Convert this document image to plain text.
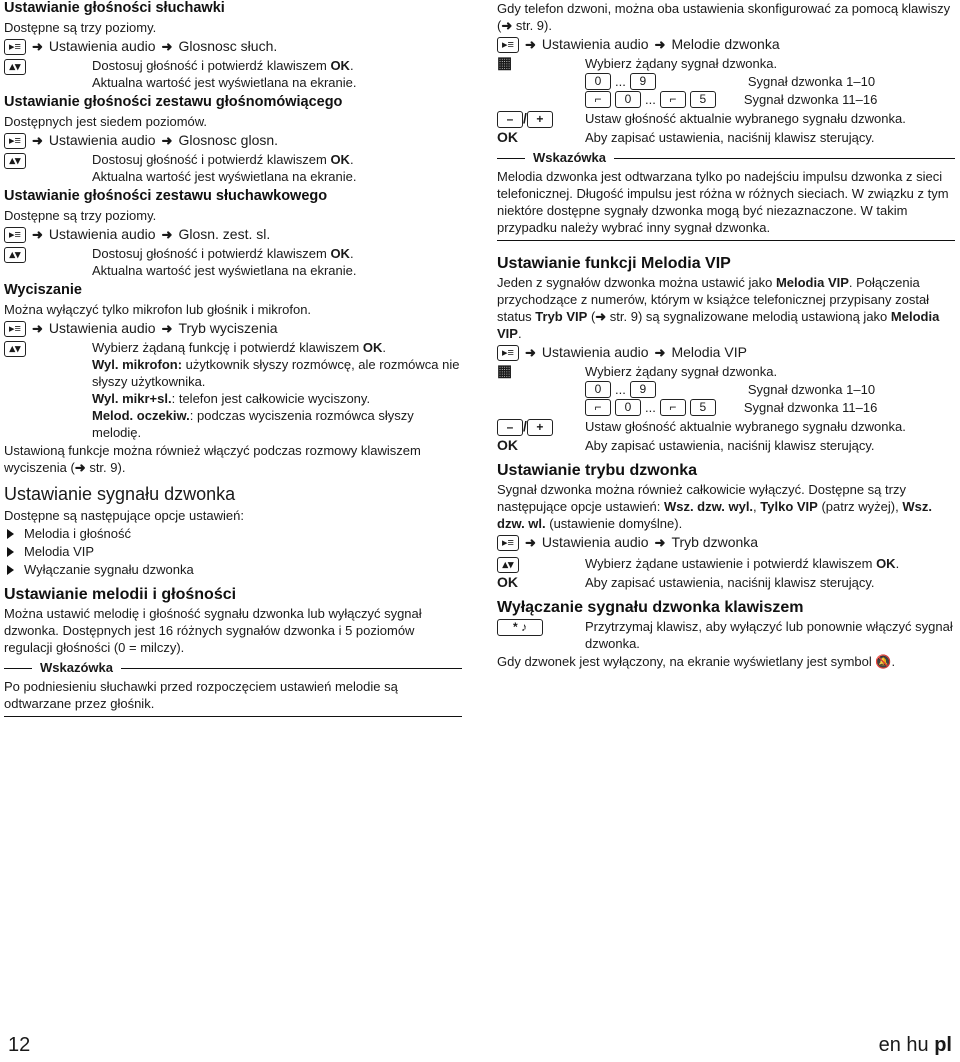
Ustawianie głośności słuchawki
Dostępne są trzy poziomy.
▸≡ ➜ Ustawienia audio ➜ Glosnosc słuch.
▴▾	Dostosuj głośność i potwierdź klawiszem OK.
Aktualna wartość jest wyświetlana na ekranie.
Ustawianie głośności zestawu głośnomówiącego
Dostępnych jest siedem poziomów.
▸≡ ➜ Ustawienia audio ➜ Glosnosc glosn.
▴▾	Dostosuj głośność i potwierdź klawiszem OK.
Aktualna wartość jest wyświetlana na ekranie.
Ustawianie głośności zestawu słuchawkowego
Dostępne są trzy poziomy.
▸≡ ➜ Ustawienia audio ➜ Glosn. zest. sl.
▴▾	Dostosuj głośność i potwierdź klawiszem OK.
Aktualna wartość jest wyświetlana na ekranie.
Wyciszanie
Można wyłączyć tylko mikrofon lub głośnik i mikrofon.
▸≡ ➜ Ustawienia audio ➜ Tryb wyciszenia
▴▾	Wybierz żądaną funkcję i potwierdź klawiszem OK.
Wyl. mikrofon: użytkownik słyszy rozmówcę, ale rozmówca nie słyszy użytkownika.
Wyl. mikr+sl.: telefon jest całkowicie wyciszony.
Melod. oczekiw.: podczas wyciszenia rozmówca słyszy melodię.
Ustawioną funkcje można również włączyć podczas rozmowy klawiszem wyciszenia (➜ str. 9).
Ustawianie sygnału dzwonka
Dostępne są następujące opcje ustawień:
Melodia i głośność
Melodia VIP
Wyłączanie sygnału dzwonka
Ustawianie melodii i głośności
Można ustawić melodię i głośność sygnału dzwonka lub wyłączyć sygnał dzwonka. Dostępnych jest 16 różnych sygnałów dzwonka i 5 poziomów regulacji głośności (0 = milczy).
Wskazówka
Po podniesieniu słuchawki przed rozpoczęciem ustawień melodie są odtwarzane przez głośnik.
Gdy telefon dzwoni, można oba ustawienia skonfigurować za pomocą klawiszy (➜ str. 9).
▸≡ ➜ Ustawienia audio ➜ Melodie dzwonka
▦	Wybierz żądany sygnał dzwonka.
0	...	9	Sygnał dzwonka 1–10
⌐	0	...	⌐	5	Sygnał dzwonka 11–16
– / +	Ustaw głośność aktualnie wybranego sygnału dzwonka.
OK	Aby zapisać ustawienia, naciśnij klawisz sterujący.
Wskazówka
Melodia dzwonka jest odtwarzana tylko po nadejściu impulsu dzwonka z sieci telefonicznej. Długość impulsu jest różna w różnych sieciach. W związku z tym niektóre dostępne sygnały dzwonka mogą być niezaznaczone. W takim przypadku należy wybrać inny sygnał dzwonka.
Ustawianie funkcji Melodia VIP
Jeden z sygnałów dzwonka można ustawić jako Melodia VIP. Połączenia przychodzące z numerów, którym w książce telefonicznej przypisany został status Tryb VIP (➜ str. 9) są sygnalizowane melodią ustawioną jako Melodia VIP.
▸≡ ➜ Ustawienia audio ➜ Melodia VIP
▦	Wybierz żądany sygnał dzwonka.
0	...	9	Sygnał dzwonka 1–10
⌐	0	...	⌐	5	Sygnał dzwonka 11–16
– / +	Ustaw głośność aktualnie wybranego sygnału dzwonka.
OK	Aby zapisać ustawienia, naciśnij klawisz sterujący.
Ustawianie trybu dzwonka
Sygnał dzwonka można również całkowicie wyłączyć. Dostępne są trzy następujące opcje ustawień: Wsz. dzw. wyl., Tylko VIP (patrz wyżej), Wsz. dzw. wl. (ustawienie domyślne).
▸≡ ➜ Ustawienia audio ➜ Tryb dzwonka
▴▾	Wybierz żądane ustawienie i potwierdź klawiszem OK.
OK	Aby zapisać ustawienia, naciśnij klawisz sterujący.
Wyłączanie sygnału dzwonka klawiszem
* ♪	Przytrzymaj klawisz, aby wyłączyć lub ponownie włączyć sygnał dzwonka.
Gdy dzwonek jest wyłączony, na ekranie wyświetlany jest symbol 🔕.
12	en hu pl
